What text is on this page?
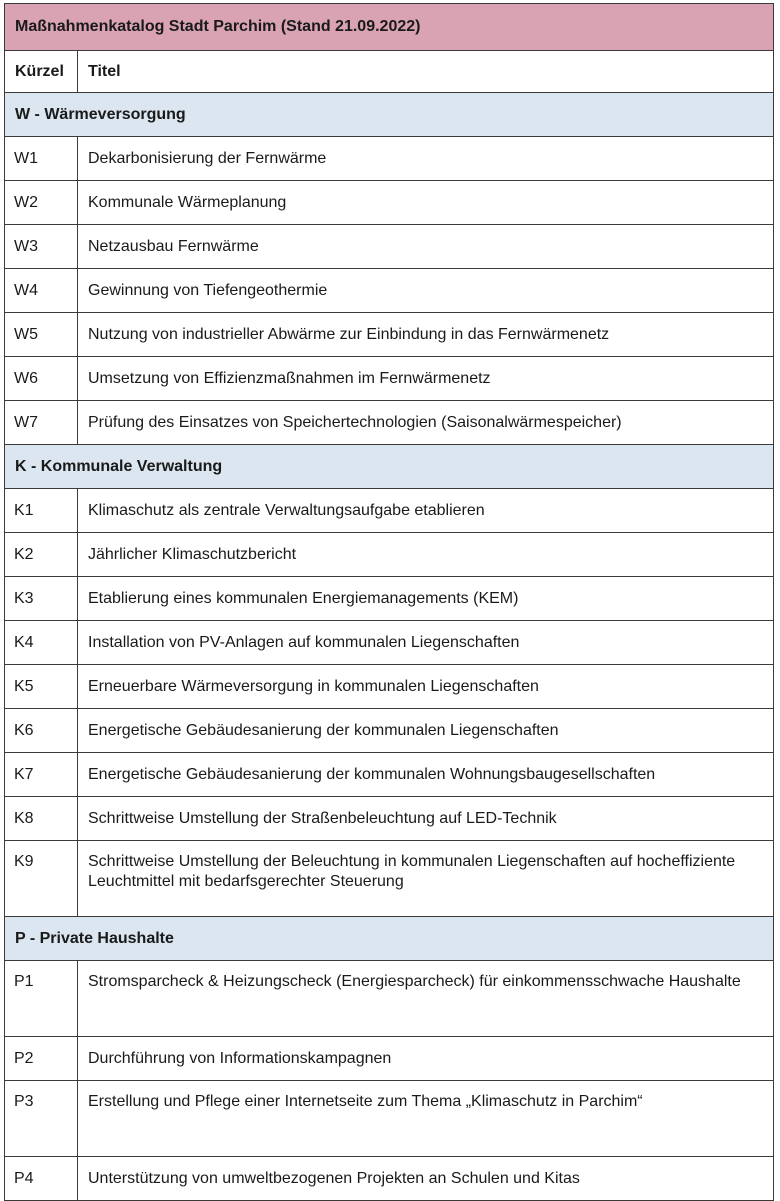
Maßnahmenkatalog Stadt Parchim (Stand 21.09.2022)	
Kürzel	Titel
W - Wärmeversorgung	
W1	Dekarbonisierung der Fernwärme
W2	Kommunale Wärmeplanung
W3	Netzausbau Fernwärme
W4	Gewinnung von Tiefengeothermie
W5	Nutzung von industrieller Abwärme zur Einbindung in das Fernwärmenetz
W6	Umsetzung von Effizienzmaßnahmen im Fernwärmenetz
W7	Prüfung des Einsatzes von Speichertechnologien (Saisonalwärmespeicher)
K - Kommunale Verwaltung	
K1	Klimaschutz als zentrale Verwaltungsaufgabe etablieren
K2	Jährlicher Klimaschutzbericht
K3	Etablierung eines kommunalen Energiemanagements (KEM)
K4	Installation von PV-Anlagen auf kommunalen Liegenschaften
K5	Erneuerbare Wärmeversorgung in kommunalen Liegenschaften
K6	Energetische Gebäudesanierung der kommunalen Liegenschaften
K7	Energetische Gebäudesanierung der kommunalen Wohnungsbaugesellschaften
K8	Schrittweise Umstellung der Straßenbeleuchtung auf LED-Technik
K9	Schrittweise Umstellung der Beleuchtung in kommunalen Liegenschaften auf hocheffiziente Leuchtmittel mit bedarfsgerechter Steuerung
P - Private Haushalte	
P1	Stromsparcheck & Heizungscheck (Energiesparcheck) für einkommensschwache Haushalte
P2	Durchführung von Informationskampagnen
P3	Erstellung und Pflege einer Internetseite zum Thema „Klimaschutz in Parchim“
P4	Unterstützung von umweltbezogenen Projekten an Schulen und Kitas
